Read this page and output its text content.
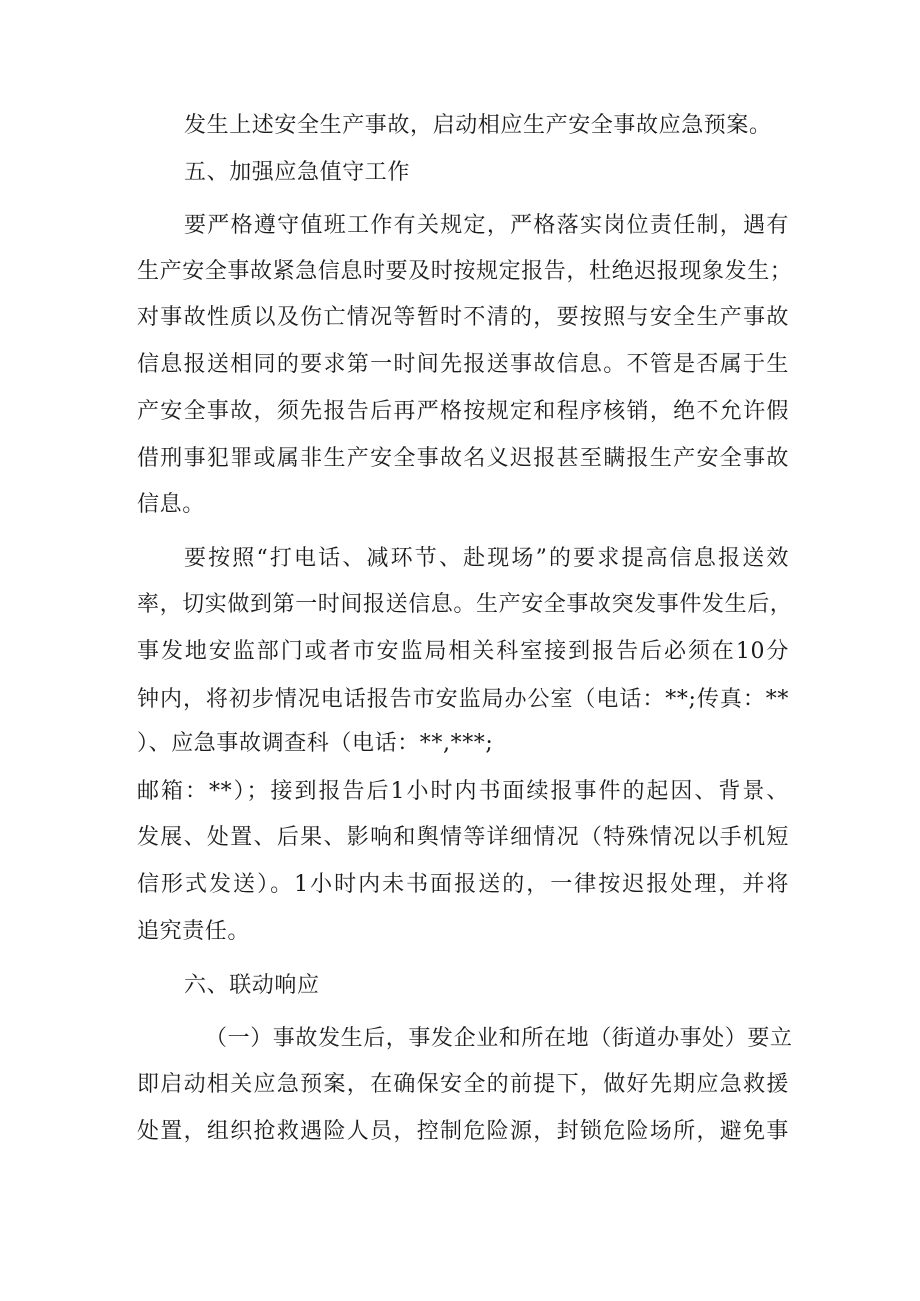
发生上述安全生产事故，启动相应生产安全事故应急预案。
五、加强应急值守工作
要严格遵守值班工作有关规定，严格落实岗位责任制，遇有
生产安全事故紧急信息时要及时按规定报告，杜绝迟报现象发生；
对事故性质以及伤亡情况等暂时不清的，要按照与安全生产事故
信息报送相同的要求第一时间先报送事故信息。不管是否属于生
产安全事故，须先报告后再严格按规定和程序核销，绝不允许假
借刑事犯罪或属非生产安全事故名义迟报甚至瞒报生产安全事故
信息。
要按照“打电话、减环节、赴现场”的要求提高信息报送效
率，切实做到第一时间报送信息。生产安全事故突发事件发生后，
事发地安监部门或者市安监局相关科室接到报告后必须在10分
钟内，将初步情况电话报告市安监局办公室（电话：**;传真：**
）、应急事故调查科（电话：**,***;
邮箱：**）；接到报告后1小时内书面续报事件的起因、背景、
发展、处置、后果、影响和舆情等详细情况（特殊情况以手机短
信形式发送）。1小时内未书面报送的，一律按迟报处理，并将
追究责任。
六、联动响应
（一）事故发生后，事发企业和所在地（街道办事处）要立
即启动相关应急预案，在确保安全的前提下，做好先期应急救援
处置，组织抢救遇险人员，控制危险源，封锁危险场所，避免事
